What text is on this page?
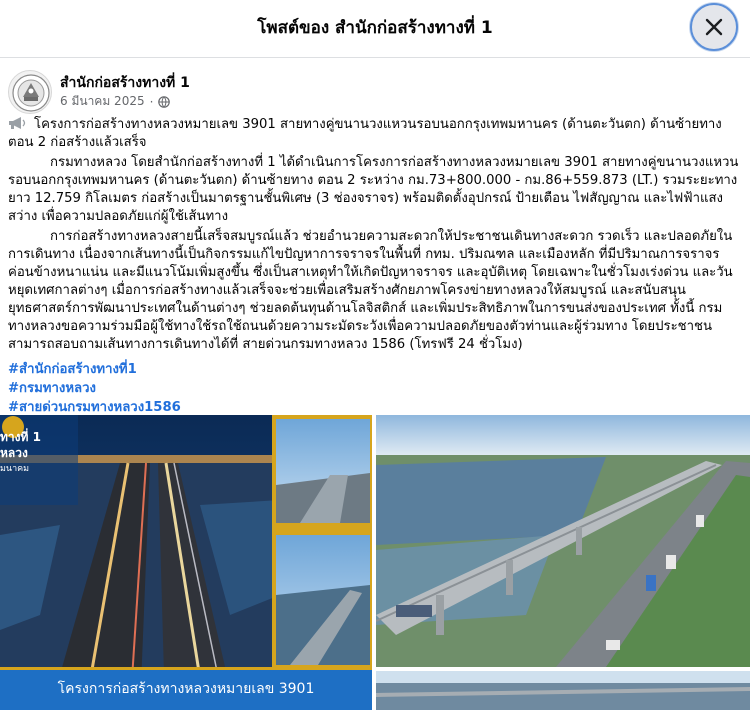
โพสต์ของ สำนักก่อสร้างทางที่ 1
สำนักก่อสร้างทางที่ 1
6 มีนาคม 2025 ·

โครงการก่อสร้างทางหลวงหมายเลข 3901 สายทางคู่ขนานวงแหวนรอบนอกกรุงเทพมหานคร (ด้านตะวันตก) ด้านซ้ายทาง ตอน 2 ก่อสร้างแล้วเสร็จ

กรมทางหลวง โดยสำนักก่อสร้างทางที่ 1 ได้ดำเนินการโครงการก่อสร้างทางหลวงหมายเลข 3901 สายทางคู่ขนานวงแหวนรอบนอกกรุงเทพมหานคร (ด้านตะวันตก) ด้านซ้ายทาง ตอน 2 ระหว่าง กม.73+800.000 - กม.86+559.873 (LT.) รวมระยะทางยาว 12.759 กิโลเมตร ก่อสร้างเป็นมาตรฐานชั้นพิเศษ (3 ช่องจราจร) พร้อมติดตั้งอุปกรณ์ ป้ายเตือน ไฟสัญญาณ และไฟฟ้าแสงสว่าง เพื่อความปลอดภัยแก่ผู้ใช้เส้นทาง

การก่อสร้างทางหลวงสายนี้เสร็จสมบูรณ์แล้ว ช่วยอำนวยความสะดวกให้ประชาชนเดินทางสะดวก รวดเร็ว และปลอดภัยในการเดินทาง เนื่องจากเส้นทางนี้เป็นกิจกรรมแก้ไขปัญหาการจราจรในพื้นที่ กทม. ปริมณฑล และเมืองหลัก ที่มีปริมาณการจราจรค่อนข้างหนาแน่น และมีแนวโน้มเพิ่มสูงขึ้น ซึ่งเป็นสาเหตุทำให้เกิดปัญหาจราจร และอุบัติเหตุ โดยเฉพาะในชั่วโมงเร่งด่วน และวันหยุดเทศกาลต่างๆ เมื่อการก่อสร้างทางแล้วเสร็จจะช่วยเพื่อเสริมสร้างศักยภาพโครงข่ายทางหลวงให้สมบูรณ์ และสนับสนุนยุทธศาสตร์การพัฒนาประเทศในด้านต่างๆ ช่วยลดต้นทุนด้านโลจิสติกส์ และเพิ่มประสิทธิภาพในการขนส่งของประเทศ ทั้งนี้ กรมทางหลวงขอความร่วมมือผู้ใช้ทางใช้รถใช้ถนนด้วยความระมัดระวังเพื่อความปลอดภัยของตัวท่านและผู้ร่วมทาง โดยประชาชนสามารถสอบถามเส้นทางการเดินทางได้ที่ สายด่วนกรมทางหลวง 1586 (โทรฟรี 24 ชั่วโมง)

#สำนักก่อสร้างทางที่1
#กรมทางหลวง
#สายด่วนกรมทางหลวง1586
ทางที่ 1
หลวง
มนาคม
โครงการก่อสร้างทางหลวงหมายเลข 3901
